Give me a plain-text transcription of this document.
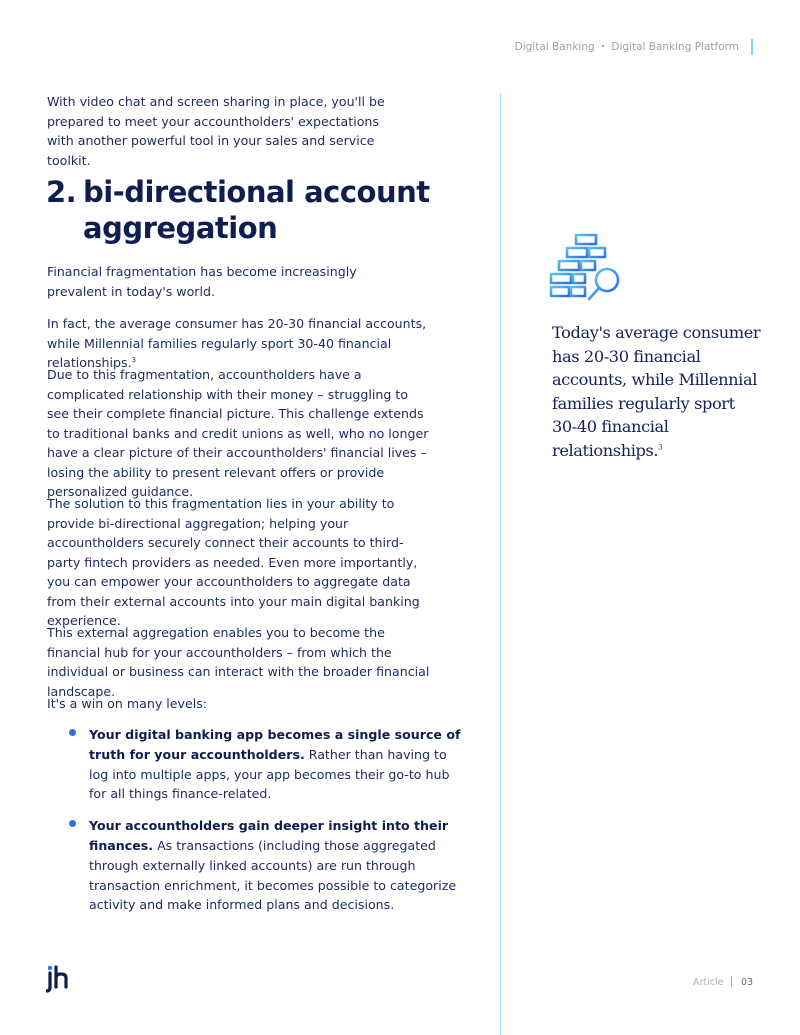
Digital Banking • Digital Banking Platform

With video chat and screen sharing in place, you'll be prepared to meet your accountholders' expectations with another powerful tool in your sales and service toolkit.

2. bi-directional account
aggregation

Financial fragmentation has become increasingly prevalent in today's world.

In fact, the average consumer has 20-30 financial accounts, while Millennial families regularly sport 30-40 financial relationships.$^3$

Due to this fragmentation, accountholders have a complicated relationship with their money – struggling to see their complete financial picture. This challenge extends to traditional banks and credit unions as well, who no longer have a clear picture of their accountholders' financial lives – losing the ability to present relevant offers or provide personalized guidance.

The solution to this fragmentation lies in your ability to provide bi-directional aggregation; helping your accountholders securely connect their accounts to third-party fintech providers as needed. Even more importantly, you can empower your accountholders to aggregate data from their external accounts into your main digital banking experience.

This external aggregation enables you to become the financial hub for your accountholders – from which the individual or business can interact with the broader financial landscape.

It's a win on many levels:

Your digital banking app becomes a single source of truth for your accountholders. Rather than having to log into multiple apps, your app becomes their go-to hub for all things finance-related.
Your accountholders gain deeper insight into their finances. As transactions (including those aggregated through externally linked accounts) are run through transaction enrichment, it becomes possible to categorize activity and make informed plans and decisions.

Today's average consumer has 20-30 financial accounts, while Millennial families regularly sport 30-40 financial relationships.$^3$

Article 03
